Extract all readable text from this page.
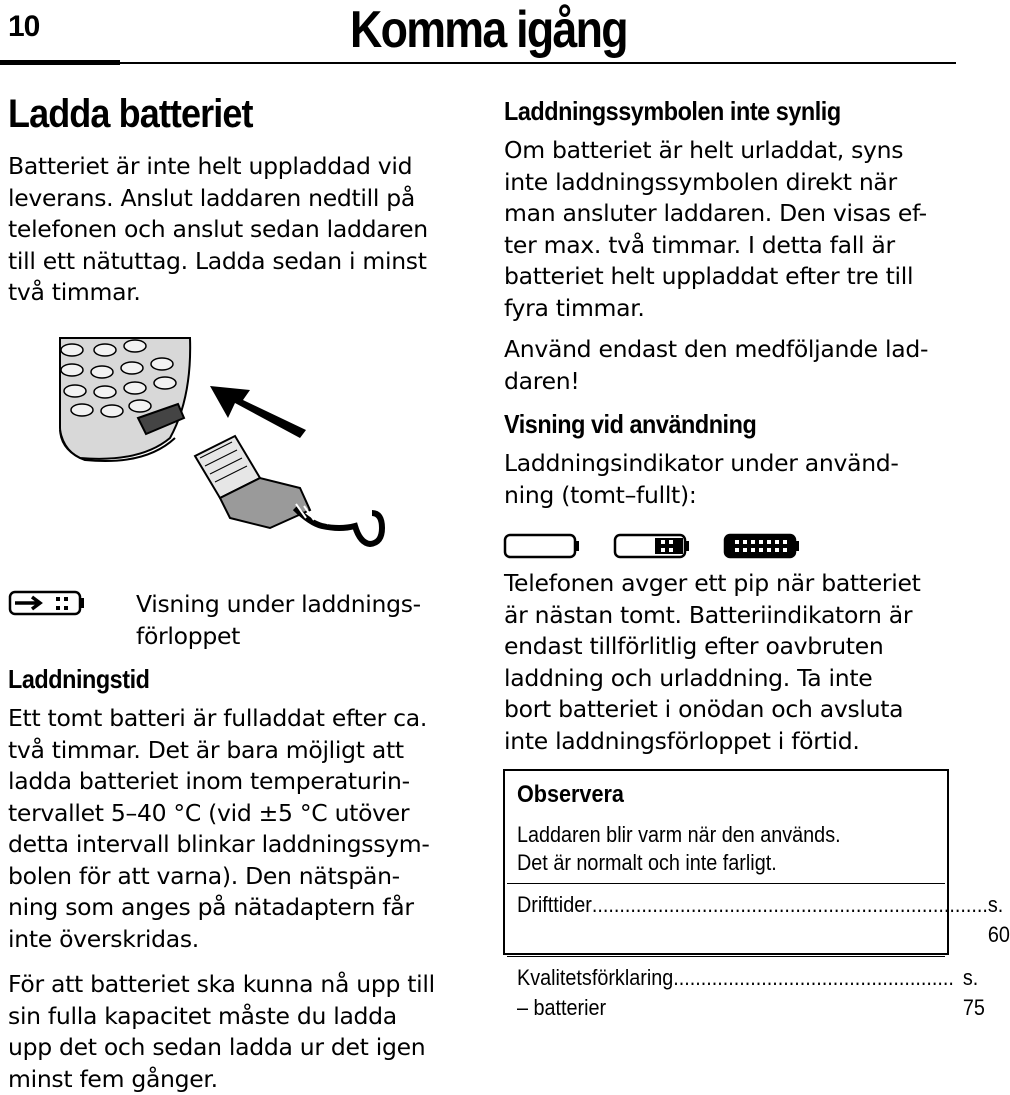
10	Komma igång
Ladda batteriet

Batteriet är inte helt uppladdad vid
leverans. Anslut laddaren nedtill på
telefonen och anslut sedan laddaren
till ett nätuttag. Ladda sedan i minst
två timmar.

Visning under laddnings-
förloppet
Laddningstid

Ett tomt batteri är fulladdat efter ca.
två timmar. Det är bara möjligt att
ladda batteriet inom temperaturin-
tervallet 5–40 °C (vid ±5 °C utöver
detta intervall blinkar laddningssym-
bolen för att varna). Den nätspän-
ning som anges på nätadaptern får
inte överskridas.

För att batteriet ska kunna nå upp till
sin fulla kapacitet måste du ladda
upp det och sedan ladda ur det igen
minst fem gånger.

Laddningssymbolen inte synlig

Om batteriet är helt urladdat, syns
inte laddningssymbolen direkt när
man ansluter laddaren. Den visas ef-
ter max. två timmar. I detta fall är
batteriet helt uppladdat efter tre till
fyra timmar.

Använd endast den medföljande lad-
daren!

Visning vid användning

Laddningsindikator under använd-
ning (tomt–fullt):

Telefonen avger ett pip när batteriet
är nästan tomt. Batteriindikatorn är
endast tillförlitlig efter oavbruten
laddning och urladdning. Ta inte
bort batteriet i onödan och avsluta
inte laddningsförloppet i förtid.

Observera
Laddaren blir varm när den används.
Det är normalt och inte farligt.
Drifttider ........................................................................ s. 60
Kvalitetsförklaring – batterier
................................................... s. 75
